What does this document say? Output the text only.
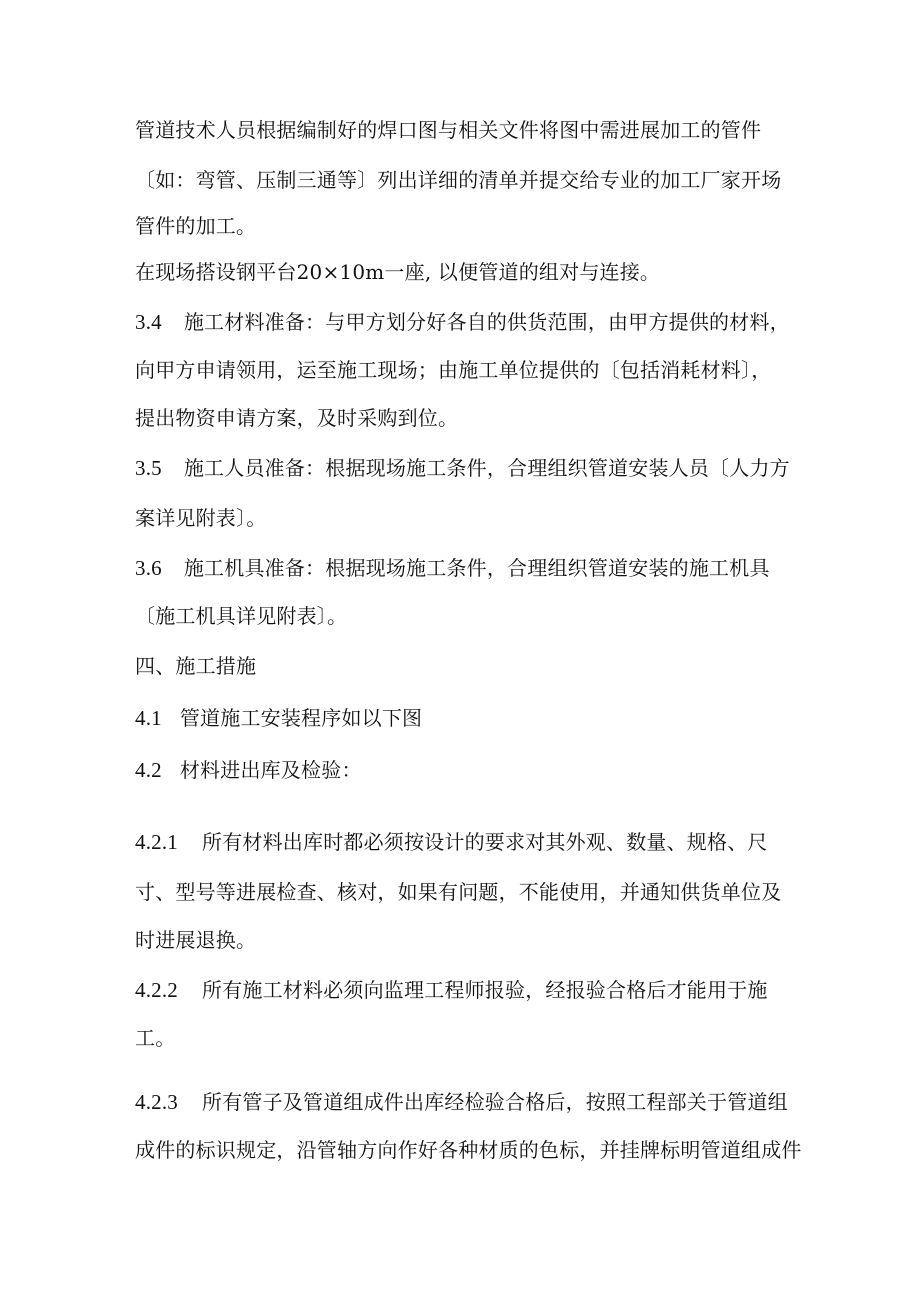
管道技术人员根据编制好的焊口图与相关文件将图中需进展加工的管件
〔如：弯管、压制三通等〕列出详细的清单并提交给专业的加工厂家开场
管件的加工。
在现场搭设钢平台20×10m一座, 以便管道的组对与连接。
3.4 施工材料准备：与甲方划分好各自的供货范围，由甲方提供的材料，
向甲方申请领用，运至施工现场；由施工单位提供的〔包括消耗材料〕，
提出物资申请方案，及时采购到位。
3.5 施工人员准备：根据现场施工条件，合理组织管道安装人员〔人力方
案详见附表〕。
3.6 施工机具准备：根据现场施工条件，合理组织管道安装的施工机具
〔施工机具详见附表〕。
四、施工措施
4.1 管道施工安装程序如以下图
4.2 材料进出库及检验：
4.2.1 所有材料出库时都必须按设计的要求对其外观、数量、规格、尺
寸、型号等进展检查、核对，如果有问题，不能使用，并通知供货单位及
时进展退换。
4.2.2 所有施工材料必须向监理工程师报验，经报验合格后才能用于施
工。
4.2.3 所有管子及管道组成件出库经检验合格后，按照工程部关于管道组
成件的标识规定，沿管轴方向作好各种材质的色标，并挂牌标明管道组成件
